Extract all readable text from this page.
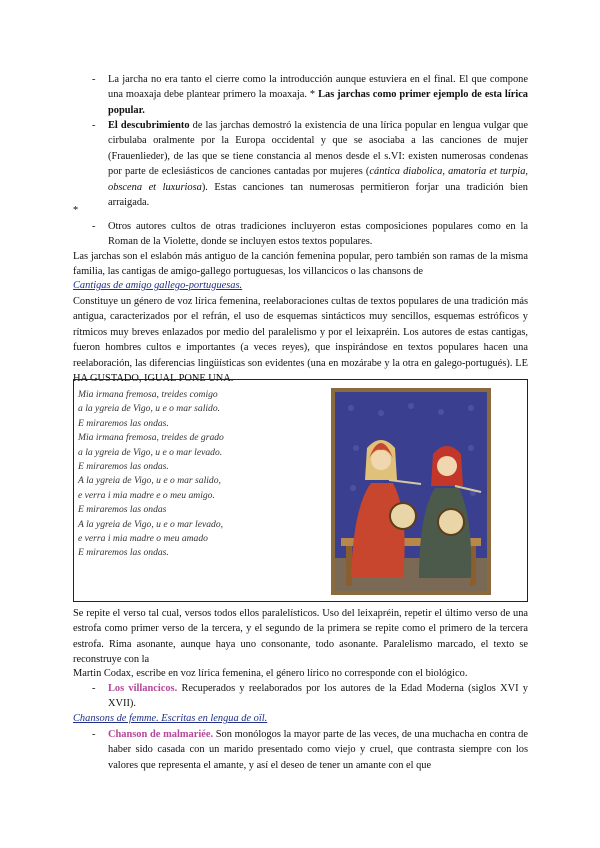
- La jarcha no era tanto el cierre como la introducción aunque estuviera en el final. El que compone una moaxaja debe plantear primero la moaxaja. * Las jarchas como primer ejemplo de esta lírica popular.
- El descubrimiento de las jarchas demostró la existencia de una lírica popular en lengua vulgar que cirbulaba oralmente por la Europa occidental y que se asociaba a las canciones de mujer (Frauenlieder), de las que se tiene constancia al menos desde el s.VI: existen numerosas condenas por parte de eclesiásticos de canciones cantadas por mujeres (cántica diabolica, amatoria et turpia, obscena et luxuriosa). Estas canciones tan numerosas permitieron forjar una tradición bien arraigada.
*
- Otros autores cultos de otras tradiciones incluyeron estas composiciones populares como en la Roman de la Violette, donde se incluyen estos textos populares.
Las jarchas son el eslabón más antiguo de la canción femenina popular, pero también son ramas de la misma familia, las cantigas de amigo-gallego portuguesas, los villancicos o las chansons de
Cantigas de amigo gallego-portuguesas.
Constituye un género de voz lírica femenina, reelaboraciones cultas de textos populares de una tradición más antigua, caracterizados por el refrán, el uso de esquemas sintácticos muy sencillos, esquemas estróficos y rítmicos muy breves enlazados por medio del paralelismo y por el leixapréin. Los autores de estas cantigas, fueron hombres cultos e importantes (a veces reyes), que inspirándose en textos populares hacen una reelaboración, las diferencias lingüísticas son evidentes (una en mozárabe y la otra en galego-portugués). LE HA GUSTADO, IGUAL PONE UNA.
Mia irmana fremosa, treides comigo
a la ygreia de Vigo, u e o mar salido.
E miraremos las ondas.
Mia irmana fremosa, treides de grado
a la ygreia de Vigo, u e o mar levado.
E miraremos las ondas.
A la ygreia de Vigo, u e o mar salido,
e verra i mia madre e o meu amigo.
E miraremos las ondas
A la ygreia de Vigo, u e o mar levado,
e verra i mia madre o meu amado
E miraremos las ondas.
Se repite el verso tal cual, versos todos ellos paralelísticos. Uso del leixapréin, repetir el último verso de una estrofa como primer verso de la tercera, y el segundo de la primera se repite como el primero de la tercera estrofa. Rima asonante, aunque haya uno consonante, todo asonante. Paralelismo marcado, el texto se reconstruye con la
Martin Codax, escribe en voz lírica femenina, el género lírico no corresponde con el biológico.
- Los villancicos. Recuperados y reelaborados por los autores de la Edad Moderna (siglos XVI y XVII).
Chansons de femme. Escritas en lengua de oïl.
- Chanson de malmariée. Son monólogos la mayor parte de las veces, de una muchacha en contra de haber sido casada con un marido presentado como viejo y cruel, que contrasta siempre con los valores que representa el amante, y así el deseo de tener un amante con el que
